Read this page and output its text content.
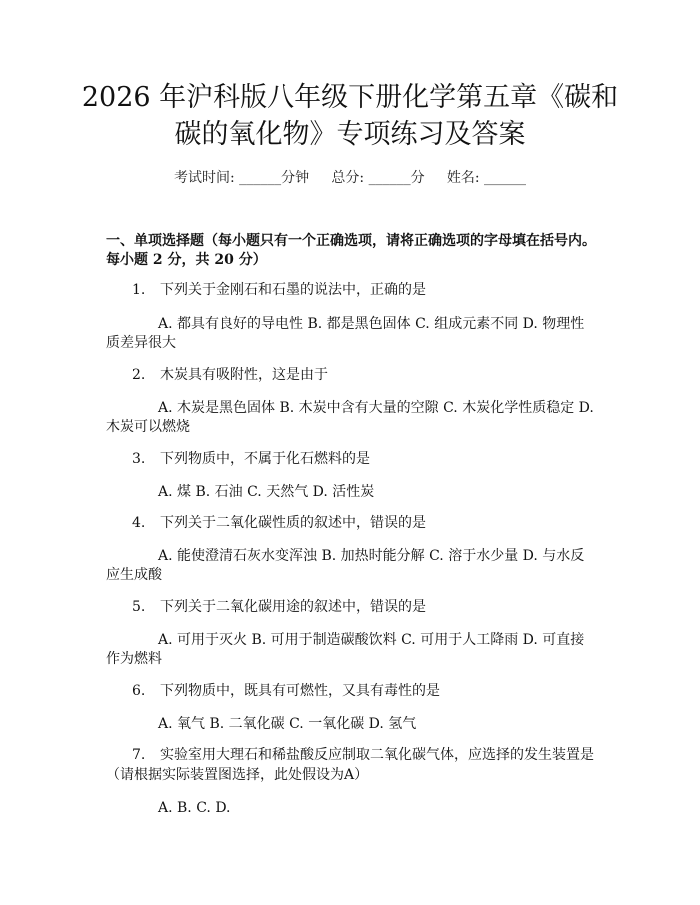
2026 年沪科版八年级下册化学第五章《碳和
碳的氧化物》专项练习及答案
考试时间: ______分钟     总分: ______分     姓名: ______
一、单项选择题（每小题只有一个正确选项，请将正确选项的字母填在括号内。
每小题 2 分，共 20 分）
1. 下列关于金刚石和石墨的说法中，正确的是
A. 都具有良好的导电性 B. 都是黑色固体 C. 组成元素不同 D. 物理性
质差异很大
2. 木炭具有吸附性，这是由于
A. 木炭是黑色固体 B. 木炭中含有大量的空隙 C. 木炭化学性质稳定 D.
木炭可以燃烧
3. 下列物质中，不属于化石燃料的是
A. 煤 B. 石油 C. 天然气 D. 活性炭
4. 下列关于二氧化碳性质的叙述中，错误的是
A. 能使澄清石灰水变浑浊 B. 加热时能分解 C. 溶于水少量 D. 与水反
应生成酸
5. 下列关于二氧化碳用途的叙述中，错误的是
A. 可用于灭火 B. 可用于制造碳酸饮料 C. 可用于人工降雨 D. 可直接
作为燃料
6. 下列物质中，既具有可燃性，又具有毒性的是
A. 氧气 B. 二氧化碳 C. 一氧化碳 D. 氢气
7. 实验室用大理石和稀盐酸反应制取二氧化碳气体，应选择的发生装置是
（请根据实际装置图选择，此处假设为A）
A. B. C. D.
